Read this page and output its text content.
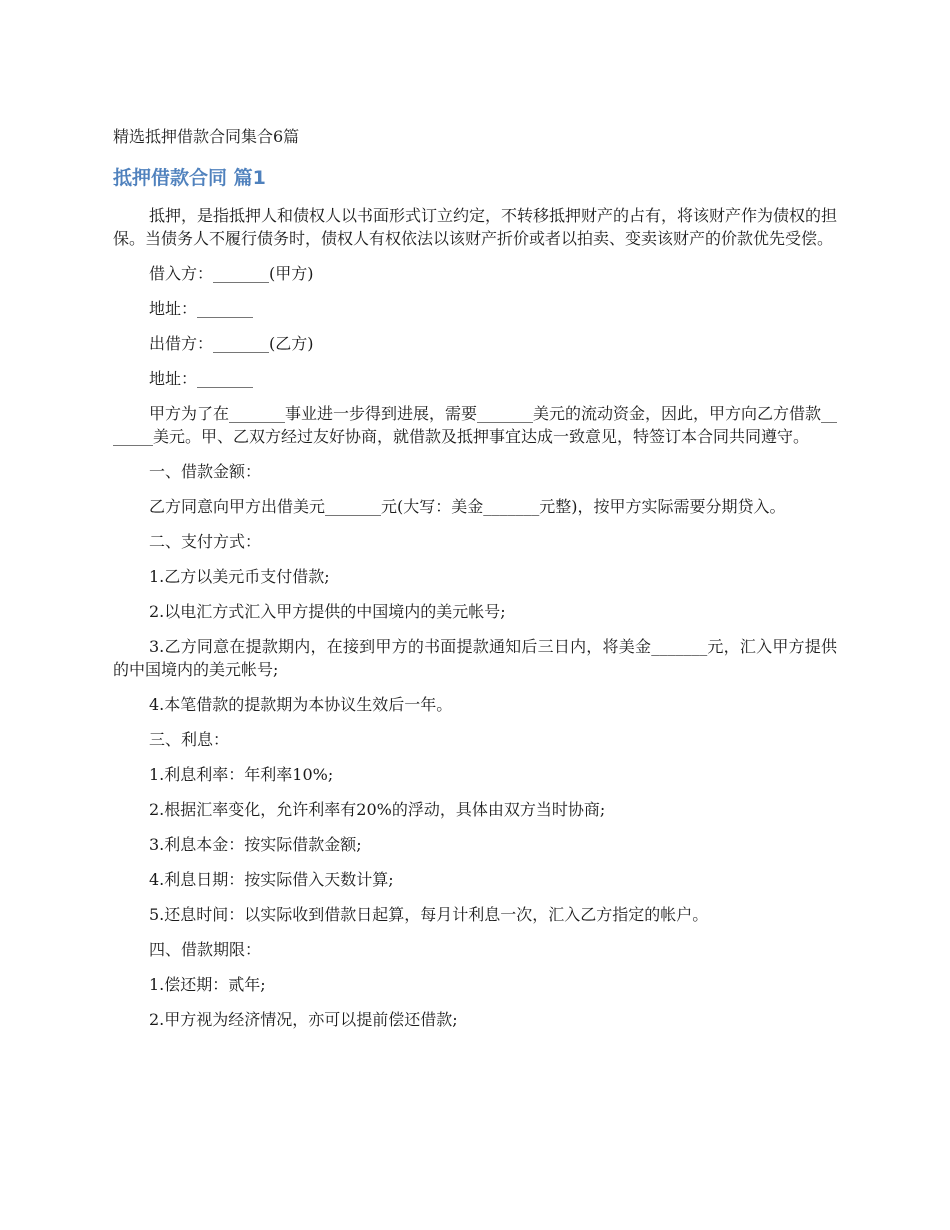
精选抵押借款合同集合6篇
抵押借款合同 篇1

抵押，是指抵押人和债权人以书面形式订立约定，不转移抵押财产的占有，将该财产作为债权的担保。当债务人不履行债务时，债权人有权依法以该财产折价或者以拍卖、变卖该财产的价款优先受偿。

借入方：_______(甲方)

地址：_______

出借方：_______(乙方)

地址：_______

甲方为了在_______事业进一步得到进展，需要_______美元的流动资金，因此，甲方向乙方借款_______美元。甲、乙双方经过友好协商，就借款及抵押事宜达成一致意见，特签订本合同共同遵守。

一、借款金额：

乙方同意向甲方出借美元_______元(大写：美金_______元整)，按甲方实际需要分期贷入。

二、支付方式：

1.乙方以美元币支付借款;

2.以电汇方式汇入甲方提供的中国境内的美元帐号;

3.乙方同意在提款期内，在接到甲方的书面提款通知后三日内，将美金_______元，汇入甲方提供的中国境内的美元帐号;

4.本笔借款的提款期为本协议生效后一年。

三、利息：

1.利息利率：年利率10%;

2.根据汇率变化，允许利率有20%的浮动，具体由双方当时协商;

3.利息本金：按实际借款金额;

4.利息日期：按实际借入天数计算;

5.还息时间：以实际收到借款日起算，每月计利息一次，汇入乙方指定的帐户。

四、借款期限：

1.偿还期：贰年;

2.甲方视为经济情况，亦可以提前偿还借款;
